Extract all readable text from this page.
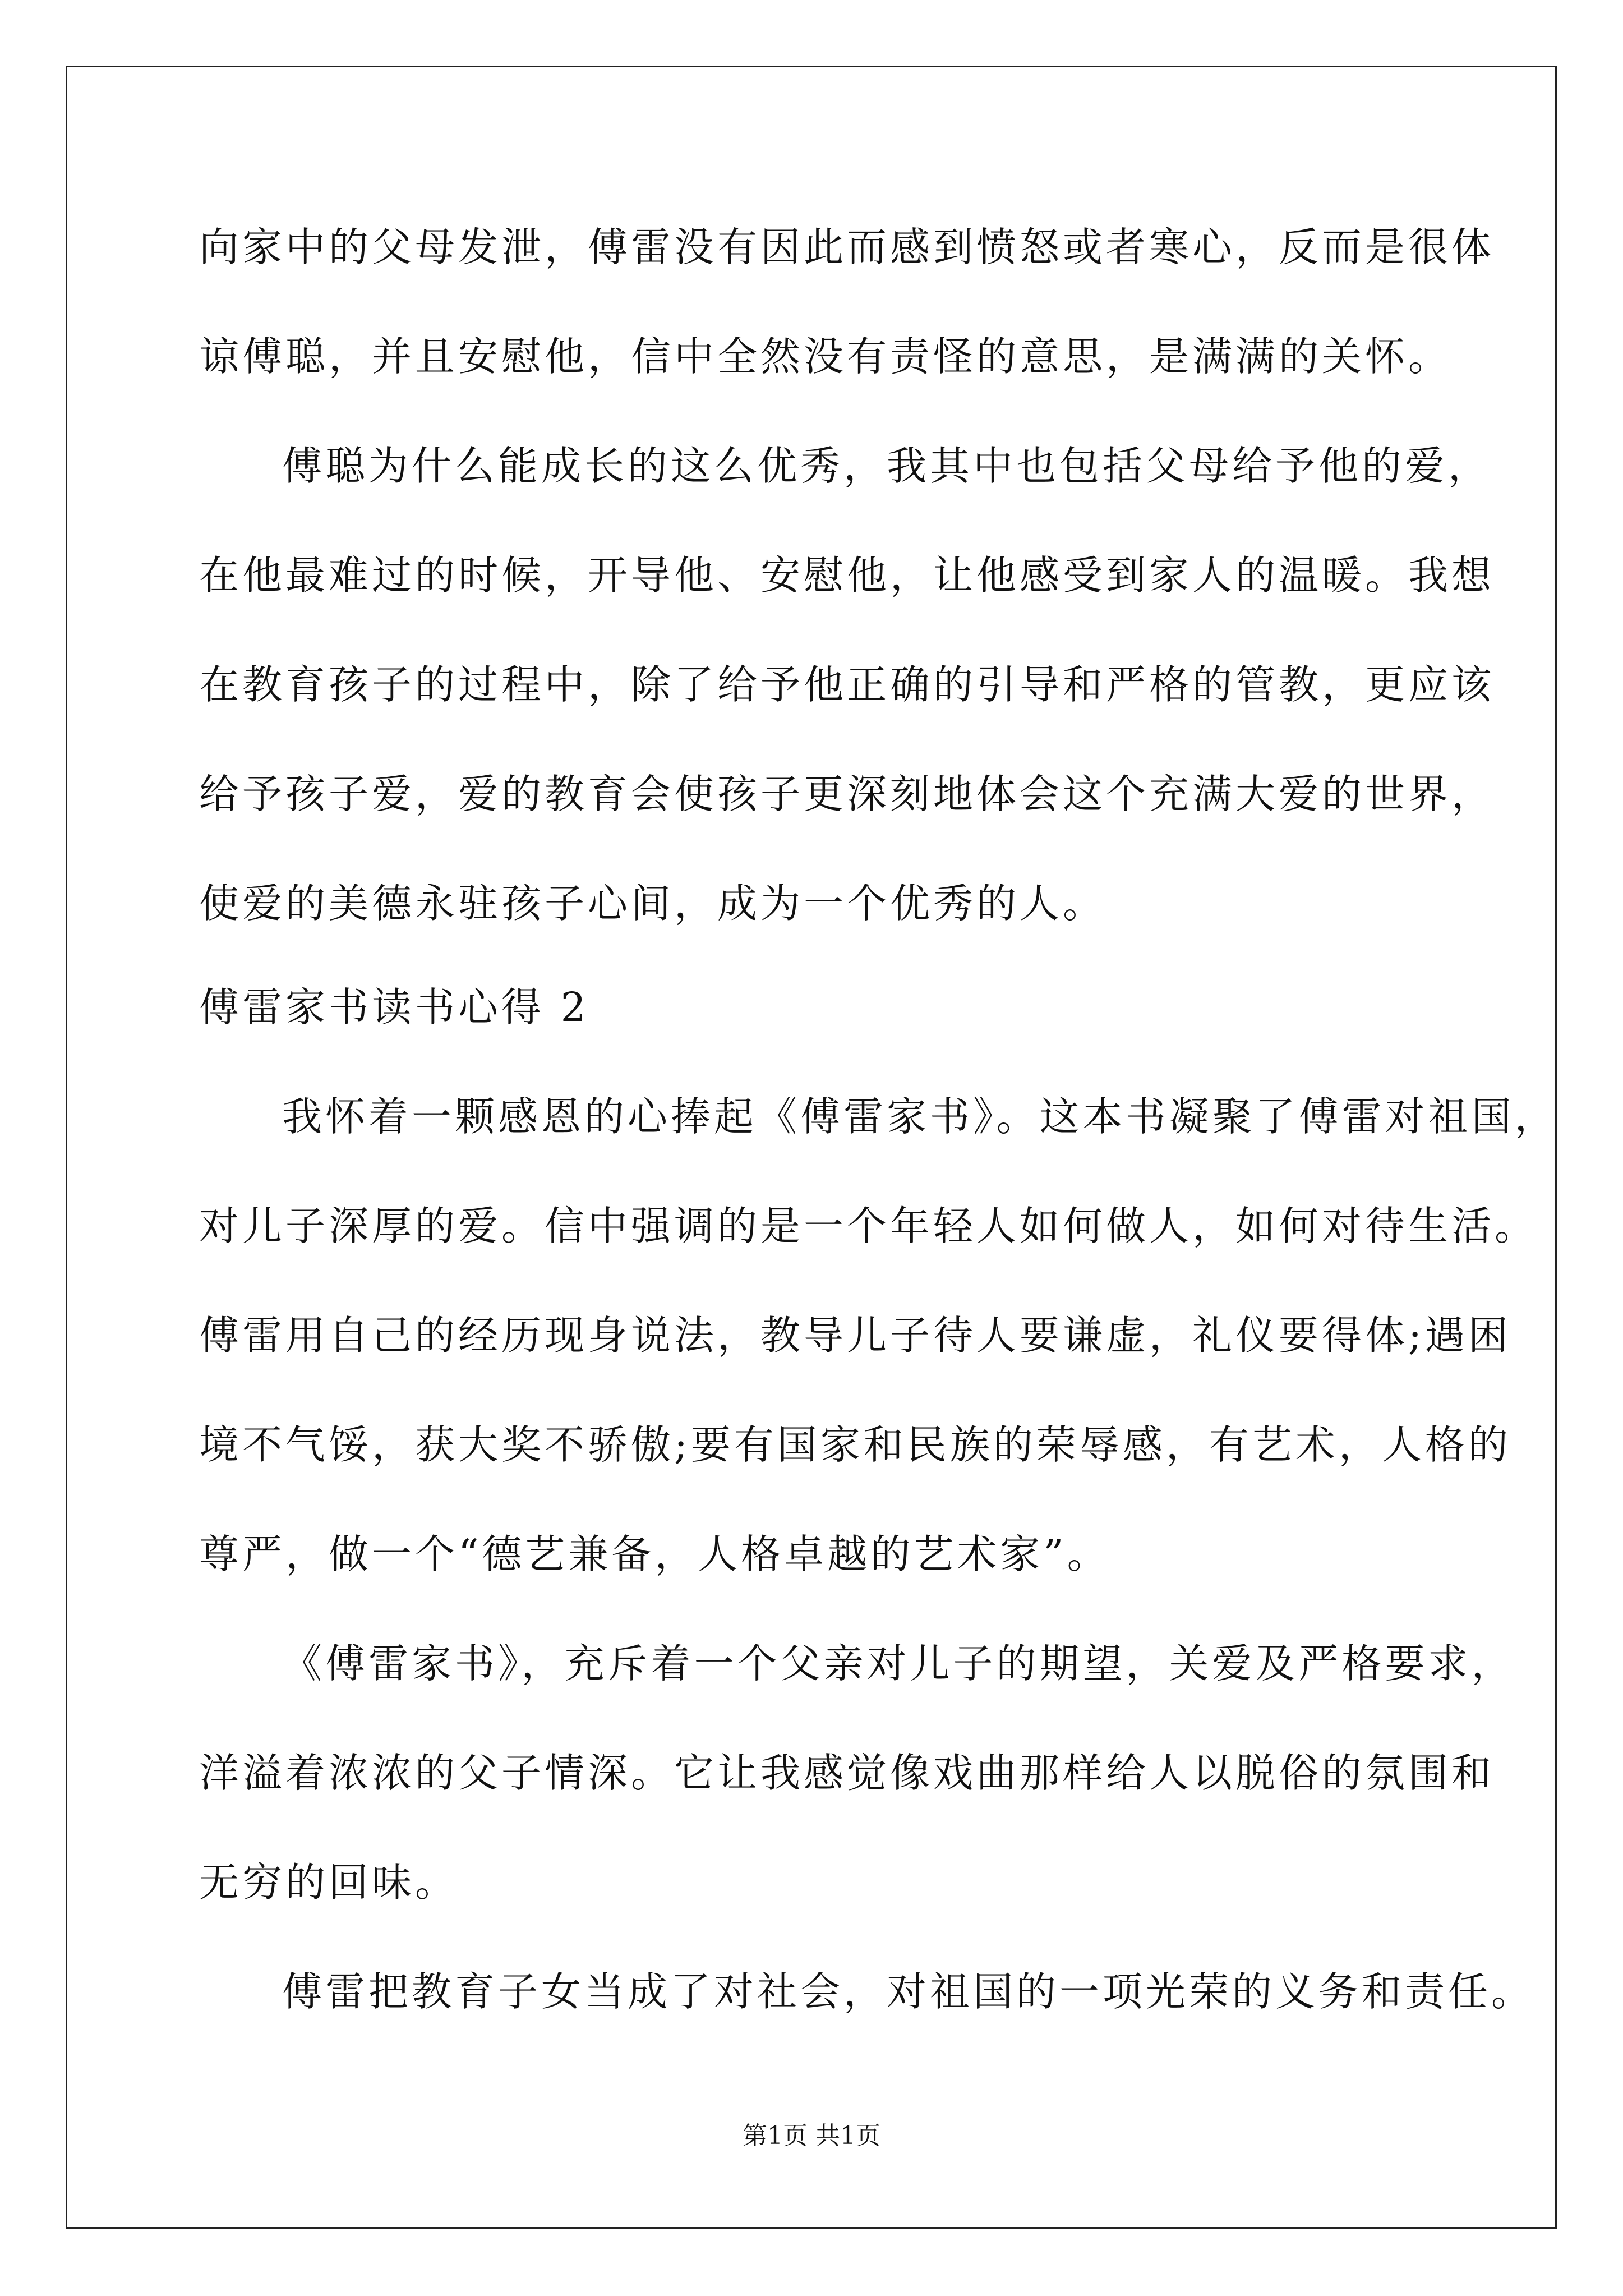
向家中的父母发泄，傅雷没有因此而感到愤怒或者寒心，反而是很体
谅傅聪，并且安慰他，信中全然没有责怪的意思，是满满的关怀。
傅聪为什么能成长的这么优秀，我其中也包括父母给予他的爱，
在他最难过的时候，开导他、安慰他，让他感受到家人的温暖。我想
在教育孩子的过程中，除了给予他正确的引导和严格的管教，更应该
给予孩子爱，爱的教育会使孩子更深刻地体会这个充满大爱的世界，
使爱的美德永驻孩子心间，成为一个优秀的人。
傅雷家书读书心得 2
我怀着一颗感恩的心捧起《傅雷家书》。这本书凝聚了傅雷对祖国，
对儿子深厚的爱。信中强调的是一个年轻人如何做人，如何对待生活。
傅雷用自己的经历现身说法，教导儿子待人要谦虚，礼仪要得体;遇困
境不气馁，获大奖不骄傲;要有国家和民族的荣辱感，有艺术，人格的
尊严，做一个“德艺兼备，人格卓越的艺术家”。
《傅雷家书》，充斥着一个父亲对儿子的期望，关爱及严格要求，
洋溢着浓浓的父子情深。它让我感觉像戏曲那样给人以脱俗的氛围和
无穷的回味。
傅雷把教育子女当成了对社会，对祖国的一项光荣的义务和责任。
第1页 共1页
